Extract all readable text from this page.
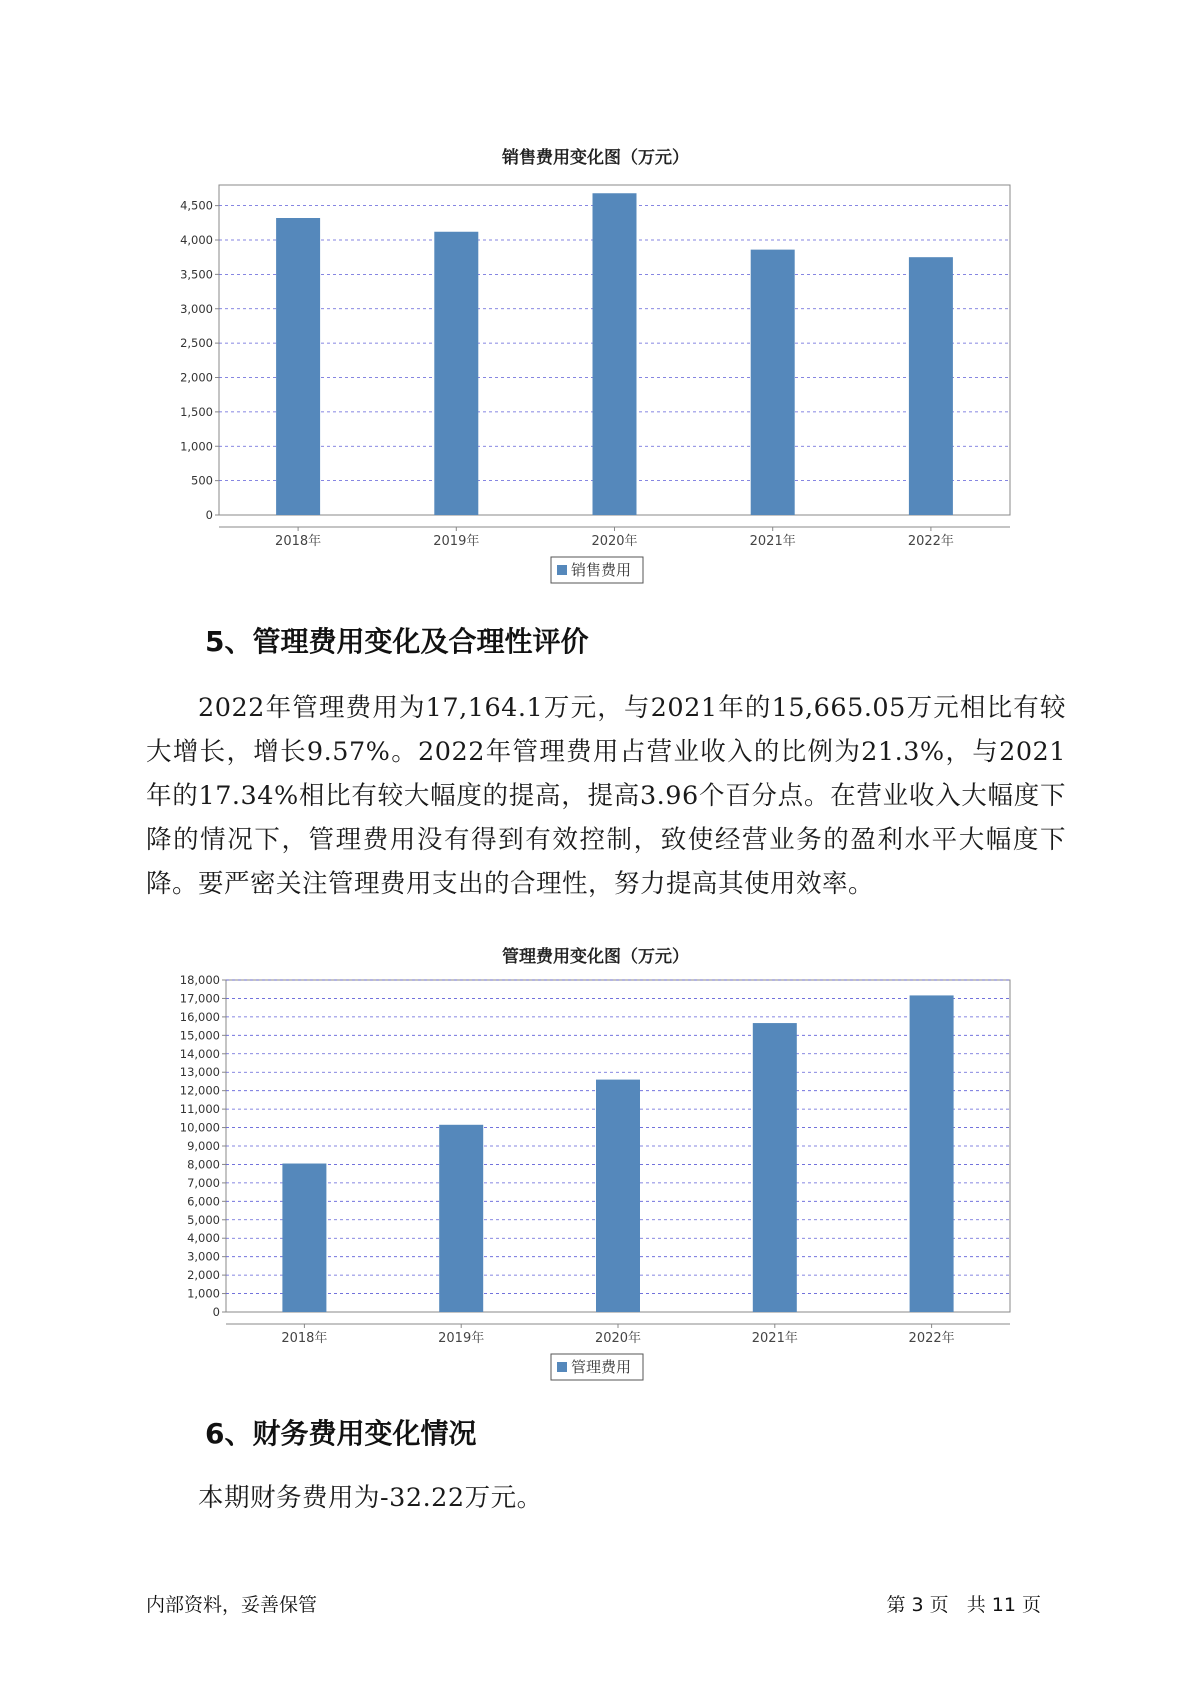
销售费用变化图（万元）
0
500
1,000
1,500
2,000
2,500
3,000
3,500
4,000
4,500
2018年	2019年	2020年	2021年	2022年
销售费用
5、管理费用变化及合理性评价

2022年管理费用为17,164.1万元，与2021年的15,665.05万元相比有较大增长，增长9.57%。2022年管理费用占营业收入的比例为21.3%，与2021年的17.34%相比有较大幅度的提高，提高3.96个百分点。在营业收入大幅度下降的情况下，管理费用没有得到有效控制，致使经营业务的盈利水平大幅度下降。要严密关注管理费用支出的合理性，努力提高其使用效率。

管理费用变化图（万元）
0
1,000
2,000
3,000
4,000
5,000
6,000
7,000
8,000
9,000
10,000
11,000
12,000
13,000
14,000
15,000
16,000
17,000
18,000
2018年	2019年	2020年	2021年	2022年
管理费用
6、财务费用变化情况
本期财务费用为-32.22万元。
内部资料，妥善保管	第 3 页   共 11 页
